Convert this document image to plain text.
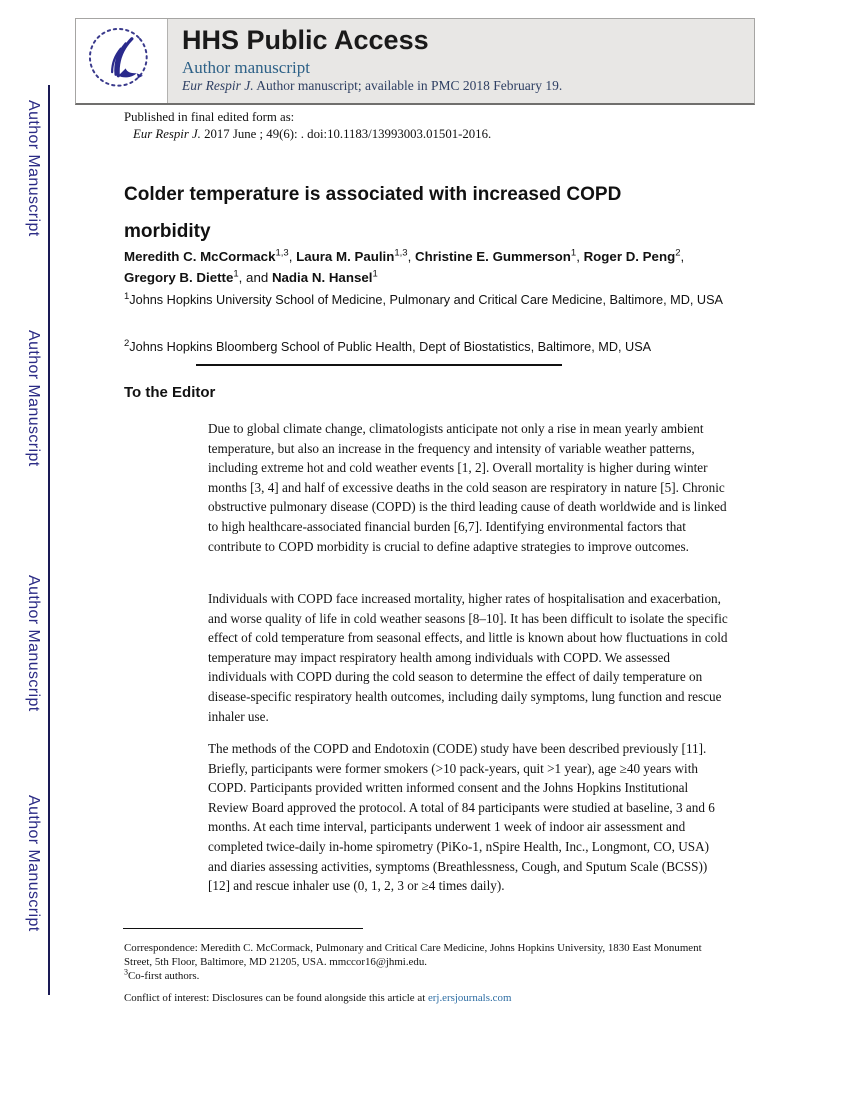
Author Manuscript
Author Manuscript
Author Manuscript
Author Manuscript
HHS Public Access
Author manuscript
Eur Respir J. Author manuscript; available in PMC 2018 February 19.
Published in final edited form as:
Eur Respir J. 2017 June ; 49(6): . doi:10.1183/13993003.01501-2016.
Colder temperature is associated with increased COPD morbidity
Meredith C. McCormack$^{1,3}$, Laura M. Paulin$^{1,3}$, Christine E. Gummerson$^1$, Roger D. Peng$^2$, Gregory B. Diette$^1$, and Nadia N. Hansel$^1$

$^1$Johns Hopkins University School of Medicine, Pulmonary and Critical Care Medicine, Baltimore, MD, USA

$^2$Johns Hopkins Bloomberg School of Public Health, Dept of Biostatistics, Baltimore, MD, USA

To the Editor

Due to global climate change, climatologists anticipate not only a rise in mean yearly ambient temperature, but also an increase in the frequency and intensity of variable weather patterns, including extreme hot and cold weather events [1, 2]. Overall mortality is higher during winter months [3, 4] and half of excessive deaths in the cold season are respiratory in nature [5]. Chronic obstructive pulmonary disease (COPD) is the third leading cause of death worldwide and is linked to high healthcare-associated financial burden [6,7]. Identifying environmental factors that contribute to COPD morbidity is crucial to define adaptive strategies to improve outcomes.

Individuals with COPD face increased mortality, higher rates of hospitalisation and exacerbation, and worse quality of life in cold weather seasons [8–10]. It has been difficult to isolate the specific effect of cold temperature from seasonal effects, and little is known about how fluctuations in cold temperature may impact respiratory health among individuals with COPD. We assessed individuals with COPD during the cold season to determine the effect of daily temperature on disease-specific respiratory health outcomes, including daily symptoms, lung function and rescue inhaler use.

The methods of the COPD and Endotoxin (CODE) study have been described previously [11]. Briefly, participants were former smokers (>10 pack-years, quit >1 year), age ≥40 years with COPD. Participants provided written informed consent and the Johns Hopkins Institutional Review Board approved the protocol. A total of 84 participants were studied at baseline, 3 and 6 months. At each time interval, participants underwent 1 week of indoor air assessment and completed twice-daily in-home spirometry (PiKo-1, nSpire Health, Inc., Longmont, CO, USA) and diaries assessing activities, symptoms (Breathlessness, Cough, and Sputum Scale (BCSS)) [12] and rescue inhaler use (0, 1, 2, 3 or ≥4 times daily).

Correspondence: Meredith C. McCormack, Pulmonary and Critical Care Medicine, Johns Hopkins University, 1830 East Monument Street, 5th Floor, Baltimore, MD 21205, USA. mmccor16@jhmi.edu.

$^3$Co-first authors.

Conflict of interest: Disclosures can be found alongside this article at erj.ersjournals.com
